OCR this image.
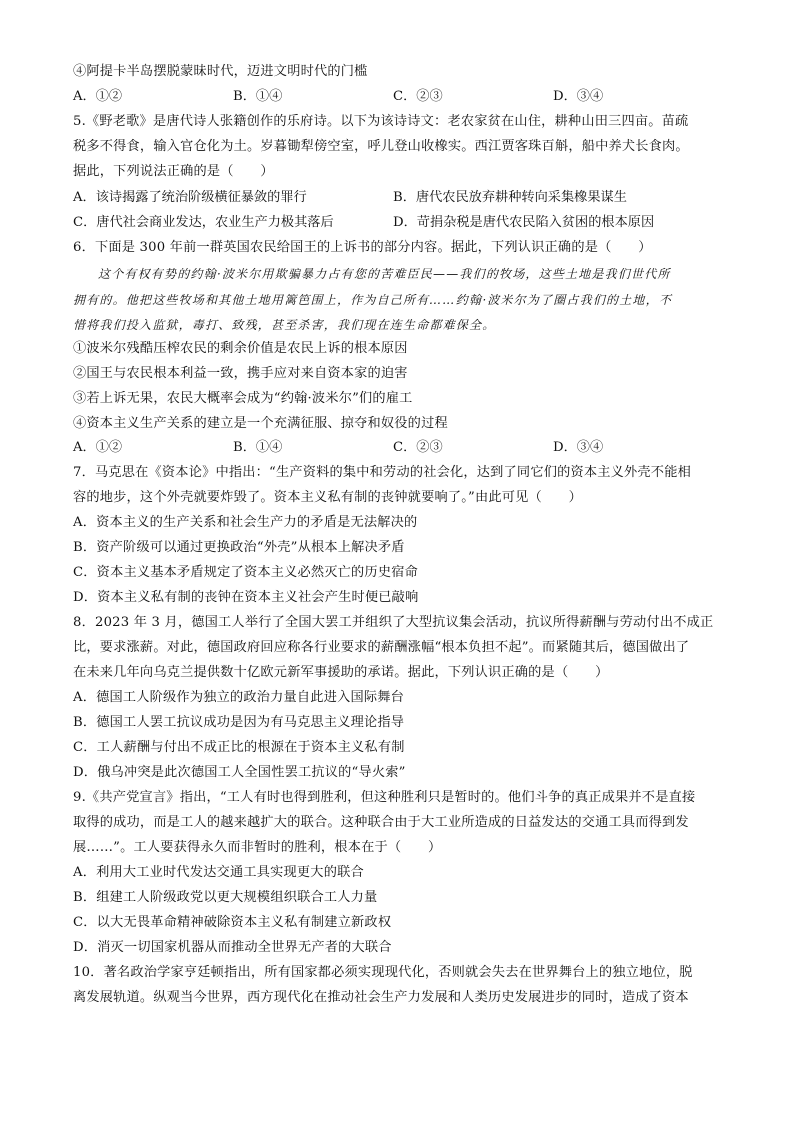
④阿提卡半岛摆脱蒙昧时代，迈进文明时代的门槛
A．①②	B．①④	C．②③	D．③④
5.《野老歌》是唐代诗人张籍创作的乐府诗。以下为该诗诗文：老农家贫在山住，耕种山田三四亩。苗疏
税多不得食，输入官仓化为土。岁暮锄犁傍空室，呼儿登山收橡实。西江贾客珠百斛，船中养犬长食肉。
据此，下列说法正确的是（　　）
A．该诗揭露了统治阶级横征暴敛的罪行	B．唐代农民放弃耕种转向采集橡果谋生
C．唐代社会商业发达，农业生产力极其落后	D．苛捐杂税是唐代农民陷入贫困的根本原因
6．下面是 300 年前一群英国农民给国王的上诉书的部分内容。据此，下列认识正确的是（　　）
这个有权有势的约翰·波米尔用欺骗暴力占有您的苦难臣民——我们的牧场，这些土地是我们世代所
拥有的。他把这些牧场和其他土地用篱笆围上，作为自己所有……约翰·波米尔为了圈占我们的土地，不
惜将我们投入监狱，毒打、致残，甚至杀害，我们现在连生命都难保全。
①波米尔残酷压榨农民的剩余价值是农民上诉的根本原因
②国王与农民根本利益一致，携手应对来自资本家的迫害
③若上诉无果，农民大概率会成为“约翰·波米尔”们的雇工
④资本主义生产关系的建立是一个充满征服、掠夺和奴役的过程
A．①②	B．①④	C．②③	D．③④
7．马克思在《资本论》中指出：“生产资料的集中和劳动的社会化，达到了同它们的资本主义外壳不能相
容的地步，这个外壳就要炸毁了。资本主义私有制的丧钟就要响了。”由此可见（　　）
A．资本主义的生产关系和社会生产力的矛盾是无法解决的
B．资产阶级可以通过更换政治“外壳”从根本上解决矛盾
C．资本主义基本矛盾规定了资本主义必然灭亡的历史宿命
D．资本主义私有制的丧钟在资本主义社会产生时便已敲响
8．2023 年 3 月，德国工人举行了全国大罢工并组织了大型抗议集会活动，抗议所得薪酬与劳动付出不成正
比，要求涨薪。对此，德国政府回应称各行业要求的薪酬涨幅“根本负担不起”。而紧随其后，德国做出了
在未来几年向乌克兰提供数十亿欧元新军事援助的承诺。据此，下列认识正确的是（　　）
A．德国工人阶级作为独立的政治力量自此进入国际舞台
B．德国工人罢工抗议成功是因为有马克思主义理论指导
C．工人薪酬与付出不成正比的根源在于资本主义私有制
D．俄乌冲突是此次德国工人全国性罢工抗议的“导火索”
9.《共产党宣言》指出，“工人有时也得到胜利，但这种胜利只是暂时的。他们斗争的真正成果并不是直接
取得的成功，而是工人的越来越扩大的联合。这种联合由于大工业所造成的日益发达的交通工具而得到发
展……”。工人要获得永久而非暂时的胜利，根本在于（　　）
A．利用大工业时代发达交通工具实现更大的联合
B．组建工人阶级政党以更大规模组织联合工人力量
C．以大无畏革命精神破除资本主义私有制建立新政权
D．消灭一切国家机器从而推动全世界无产者的大联合
10．著名政治学家亨廷顿指出，所有国家都必须实现现代化，否则就会失去在世界舞台上的独立地位，脱
离发展轨道。纵观当今世界，西方现代化在推动社会生产力发展和人类历史发展进步的同时，造成了资本
